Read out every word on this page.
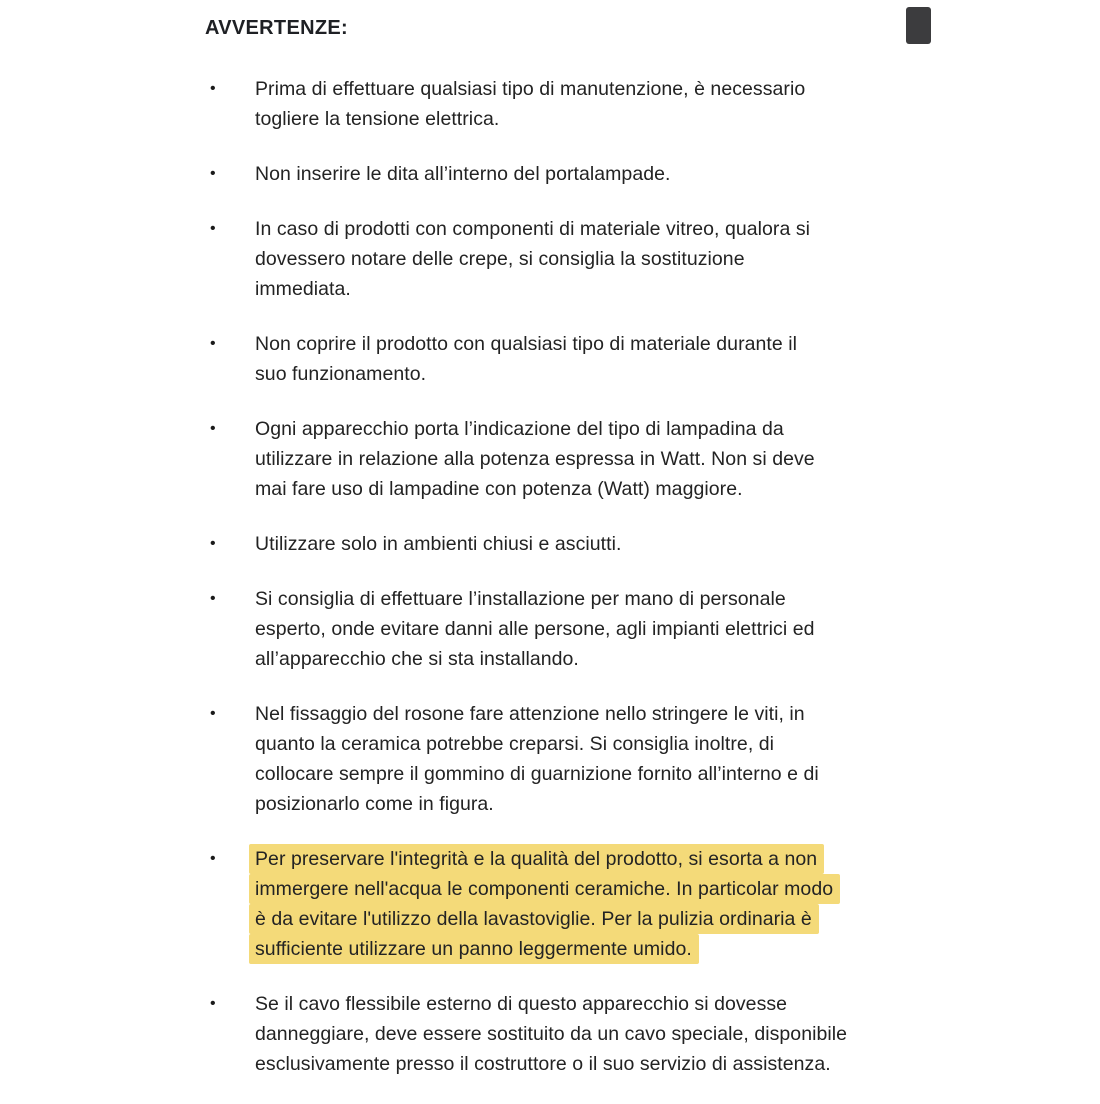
AVVERTENZE:
•	Prima di effettuare qualsiasi tipo di manutenzione, è necessario
togliere la tensione elettrica.
•	Non inserire le dita all’interno del portalampade.
•	In caso di prodotti con componenti di materiale vitreo, qualora si
dovessero notare delle crepe, si consiglia la sostituzione
immediata.
•	Non coprire il prodotto con qualsiasi tipo di materiale durante il
suo funzionamento.
•	Ogni apparecchio porta l’indicazione del tipo di lampadina da
utilizzare in relazione alla potenza espressa in Watt. Non si deve
mai fare uso di lampadine con potenza (Watt) maggiore.
•	Utilizzare solo in ambienti chiusi e asciutti.
•	Si consiglia di effettuare l’installazione per mano di personale
esperto, onde evitare danni alle persone, agli impianti elettrici ed
all’apparecchio che si sta installando.
•	Nel fissaggio del rosone fare attenzione nello stringere le viti, in
quanto la ceramica potrebbe creparsi. Si consiglia inoltre, di
collocare sempre il gommino di guarnizione fornito all’interno e di
posizionarlo come in figura.
•	Per preservare l'integrità e la qualità del prodotto, si esorta a non
immergere nell'acqua le componenti ceramiche. In particolar modo
è da evitare l'utilizzo della lavastoviglie. Per la pulizia ordinaria è
sufficiente utilizzare un panno leggermente umido.
•	Se il cavo flessibile esterno di questo apparecchio si dovesse
danneggiare, deve essere sostituito da un cavo speciale, disponibile
esclusivamente presso il costruttore o il suo servizio di assistenza.
